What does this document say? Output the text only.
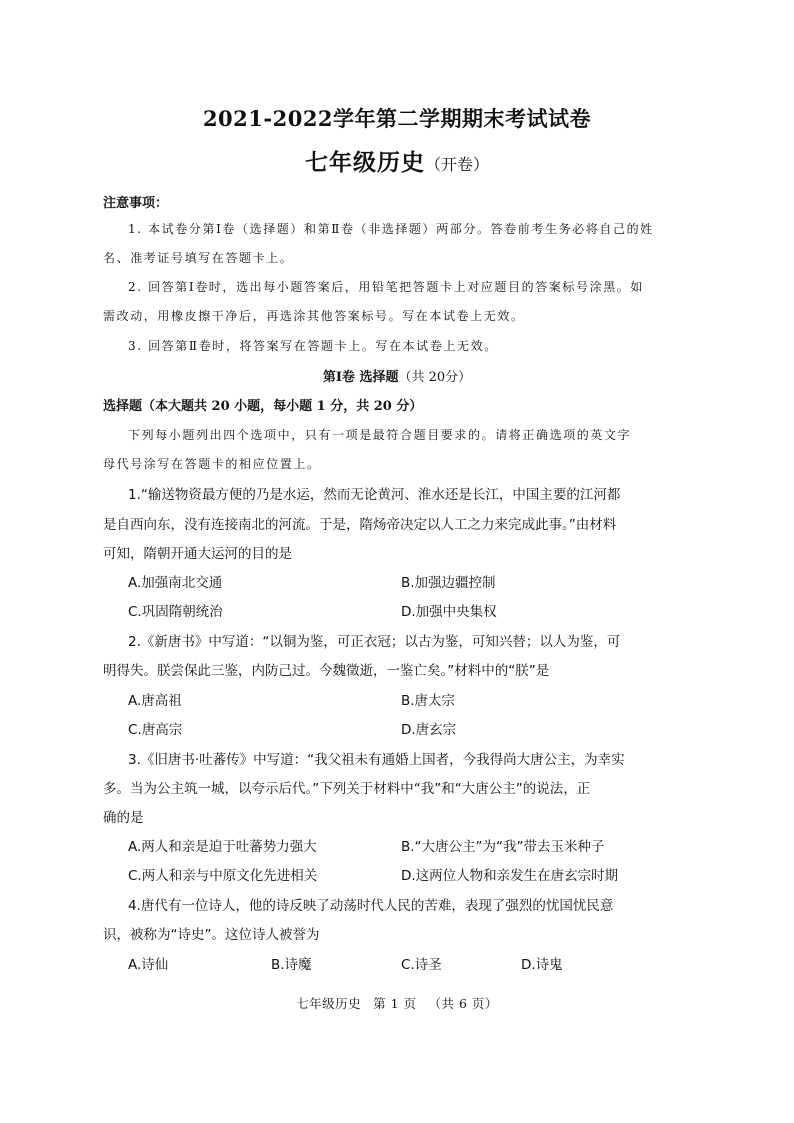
2021-2022学年第二学期期末考试试卷
七年级历史（开卷）
注意事项：
1. 本试卷分第Ⅰ卷（选择题）和第Ⅱ卷（非选择题）两部分。答卷前考生务必将自己的姓
名、准考证号填写在答题卡上。
2. 回答第Ⅰ卷时，选出每小题答案后，用铅笔把答题卡上对应题目的答案标号涂黑。如
需改动，用橡皮擦干净后，再选涂其他答案标号。写在本试卷上无效。
3. 回答第Ⅱ卷时，将答案写在答题卡上。写在本试卷上无效。
第Ⅰ卷 选择题（共 20分）
选择题（本大题共 20 小题，每小题 1 分，共 20 分）
下列每小题列出四个选项中，只有一项是最符合题目要求的。请将正确选项的英文字
母代号涂写在答题卡的相应位置上。
1.“输送物资最方便的乃是水运，然而无论黄河、淮水还是长江，中国主要的江河都
是自西向东，没有连接南北的河流。于是，隋炀帝决定以人工之力来完成此事。”由材料
可知，隋朝开通大运河的目的是
A.加强南北交通	B.加强边疆控制
C.巩固隋朝统治	D.加强中央集权
2.《新唐书》中写道：“以铜为鉴，可正衣冠；以古为鉴，可知兴替；以人为鉴，可
明得失。朕尝保此三鉴，内防己过。今魏徵逝，一鉴亡矣。”材料中的“朕”是
A.唐高祖	B.唐太宗
C.唐高宗	D.唐玄宗
3.《旧唐书·吐蕃传》中写道：“我父祖未有通婚上国者，今我得尚大唐公主，为幸实
多。当为公主筑一城，以夸示后代。”下列关于材料中“我”和“大唐公主”的说法，正
确的是
A.两人和亲是迫于吐蕃势力强大	B.“大唐公主”为“我”带去玉米种子
C.两人和亲与中原文化先进相关	D.这两位人物和亲发生在唐玄宗时期
4.唐代有一位诗人，他的诗反映了动荡时代人民的苦难，表现了强烈的忧国忧民意
识，被称为“诗史”。这位诗人被誉为
A.诗仙	B.诗魔	C.诗圣	D.诗鬼
七年级历史 第 1 页 （共 6 页）
